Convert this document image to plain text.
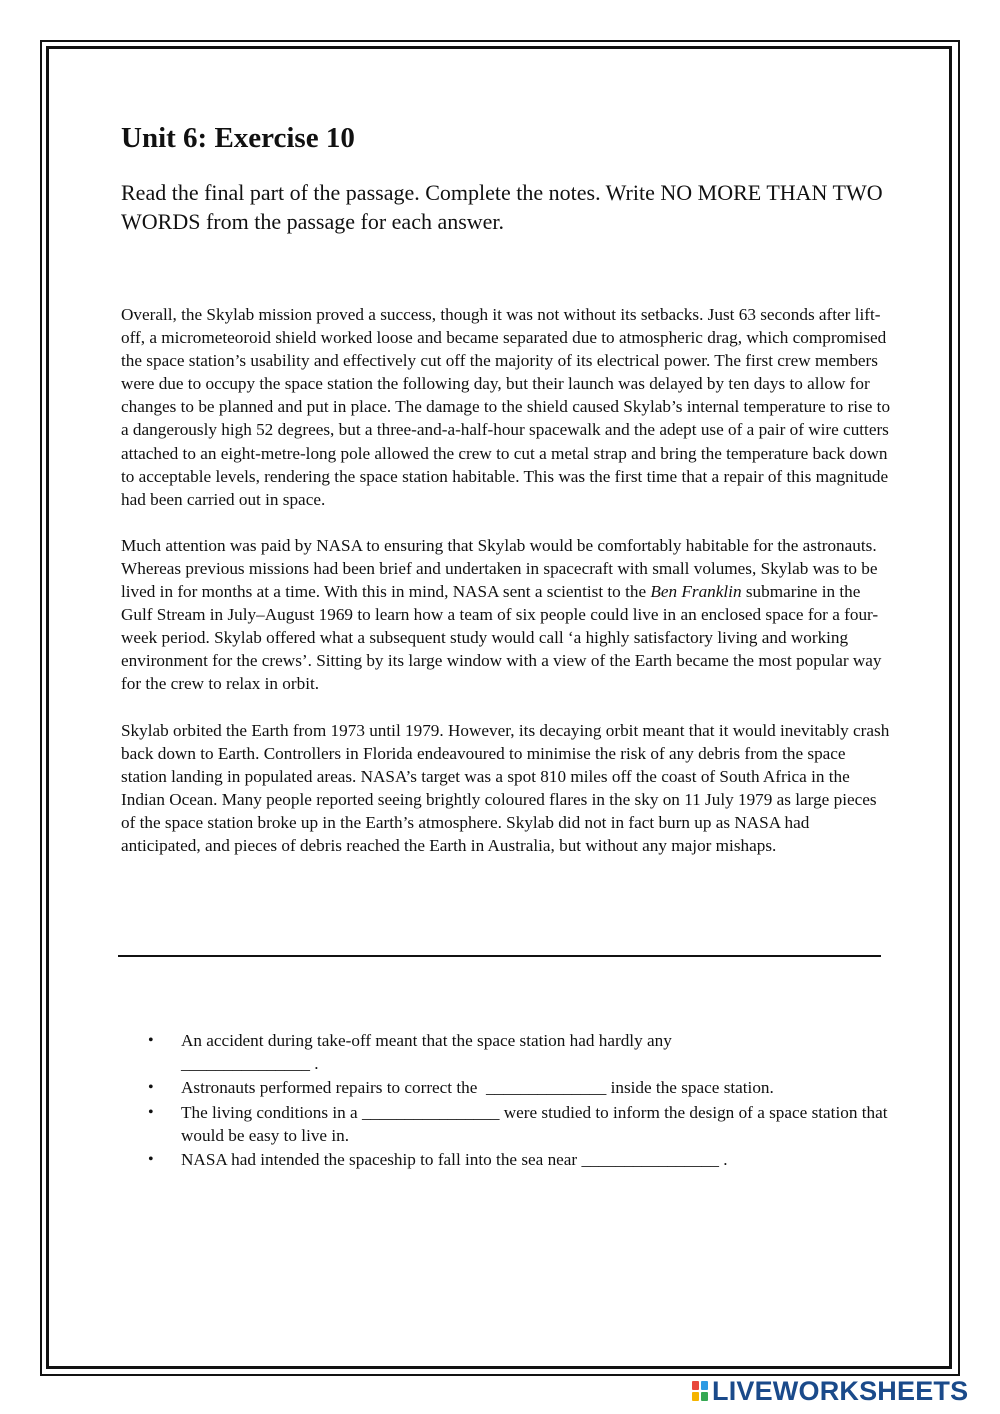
Unit 6: Exercise 10

Read the final part of the passage. Complete the notes. Write NO MORE THAN TWO WORDS from the passage for each answer.

Overall, the Skylab mission proved a success, though it was not without its setbacks. Just 63 seconds after lift-off, a micrometeoroid shield worked loose and became separated due to atmospheric drag, which compromised the space station’s usability and effectively cut off the majority of its electrical power. The first crew members were due to occupy the space station the following day, but their launch was delayed by ten days to allow for changes to be planned and put in place. The damage to the shield caused Skylab’s internal temperature to rise to a dangerously high 52 degrees, but a three-and-a-half-hour spacewalk and the adept use of a pair of wire cutters attached to an eight-metre-long pole allowed the crew to cut a metal strap and bring the temperature back down to acceptable levels, rendering the space station habitable. This was the first time that a repair of this magnitude had been carried out in space.

Much attention was paid by NASA to ensuring that Skylab would be comfortably habitable for the astronauts. Whereas previous missions had been brief and undertaken in spacecraft with small volumes, Skylab was to be lived in for months at a time. With this in mind, NASA sent a scientist to the Ben Franklin submarine in the Gulf Stream in July–August 1969 to learn how a team of six people could live in an enclosed space for a four-week period. Skylab offered what a subsequent study would call ‘a highly satisfactory living and working environment for the crews’. Sitting by its large window with a view of the Earth became the most popular way for the crew to relax in orbit.

Skylab orbited the Earth from 1973 until 1979. However, its decaying orbit meant that it would inevitably crash back down to Earth. Controllers in Florida endeavoured to minimise the risk of any debris from the space station landing in populated areas. NASA’s target was a spot 810 miles off the coast of South Africa in the Indian Ocean. Many people reported seeing brightly coloured flares in the sky on 11 July 1979 as large pieces of the space station broke up in the Earth’s atmosphere. Skylab did not in fact burn up as NASA had anticipated, and pieces of debris reached the Earth in Australia, but without any major mishaps.

• An accident during take-off meant that the space station had hardly any
_______________ .
• Astronauts performed repairs to correct the ______________ inside the space station.
• The living conditions in a ________________ were studied to inform the design of a space station that would be easy to live in.
• NASA had intended the spaceship to fall into the sea near ________________ .
LIVEWORKSHEETS
